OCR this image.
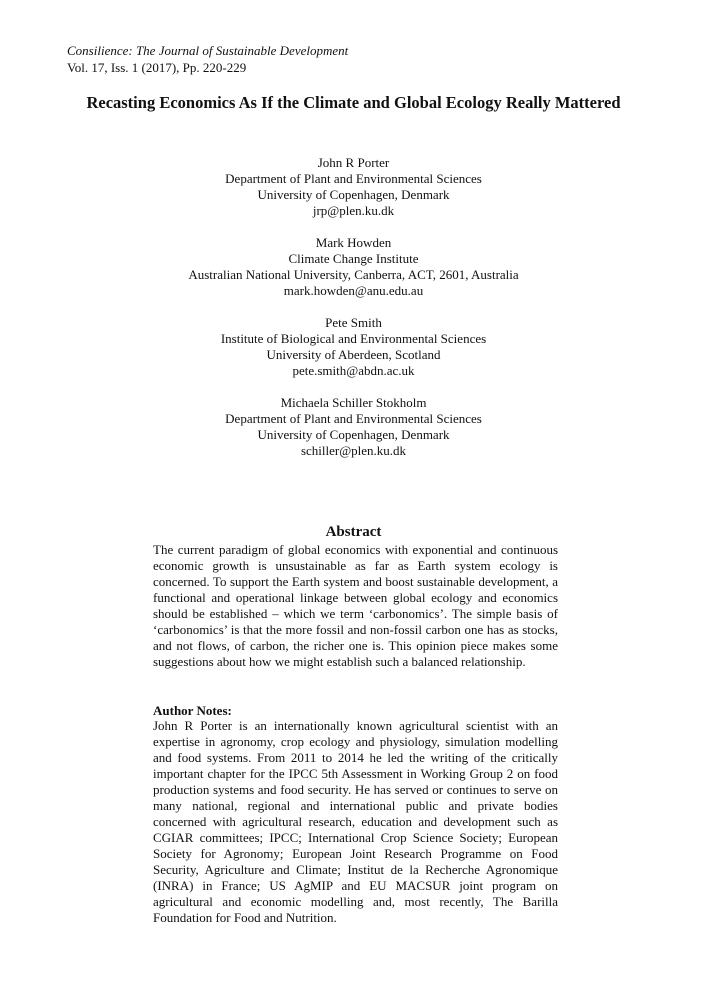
Consilience: The Journal of Sustainable Development
Vol. 17, Iss. 1 (2017), Pp. 220-229
Recasting Economics As If the Climate and Global Ecology Really Mattered
John R Porter
Department of Plant and Environmental Sciences
University of Copenhagen, Denmark
jrp@plen.ku.dk
Mark Howden
Climate Change Institute
Australian National University, Canberra, ACT, 2601, Australia
mark.howden@anu.edu.au
Pete Smith
Institute of Biological and Environmental Sciences
University of Aberdeen, Scotland
pete.smith@abdn.ac.uk
Michaela Schiller Stokholm
Department of Plant and Environmental Sciences
University of Copenhagen, Denmark
schiller@plen.ku.dk
Abstract

The current paradigm of global economics with exponential and continuous economic growth is unsustainable as far as Earth system ecology is concerned. To support the Earth system and boost sustainable development, a functional and operational linkage between global ecology and economics should be established – which we term ‘carbonomics’. The simple basis of ‘carbonomics’ is that the more fossil and non-fossil carbon one has as stocks, and not flows, of carbon, the richer one is. This opinion piece makes some suggestions about how we might establish such a balanced relationship.

Author Notes:

John R Porter is an internationally known agricultural scientist with an expertise in agronomy, crop ecology and physiology, simulation modelling and food systems. From 2011 to 2014 he led the writing of the critically important chapter for the IPCC 5th Assessment in Working Group 2 on food production systems and food security. He has served or continues to serve on many national, regional and international public and private bodies concerned with agricultural research, education and development such as CGIAR committees; IPCC; International Crop Science Society; European Society for Agronomy; European Joint Research Programme on Food Security, Agriculture and Climate; Institut de la Recherche Agronomique (INRA) in France; US AgMIP and EU MACSUR joint program on agricultural and economic modelling and, most recently, The Barilla Foundation for Food and Nutrition.
